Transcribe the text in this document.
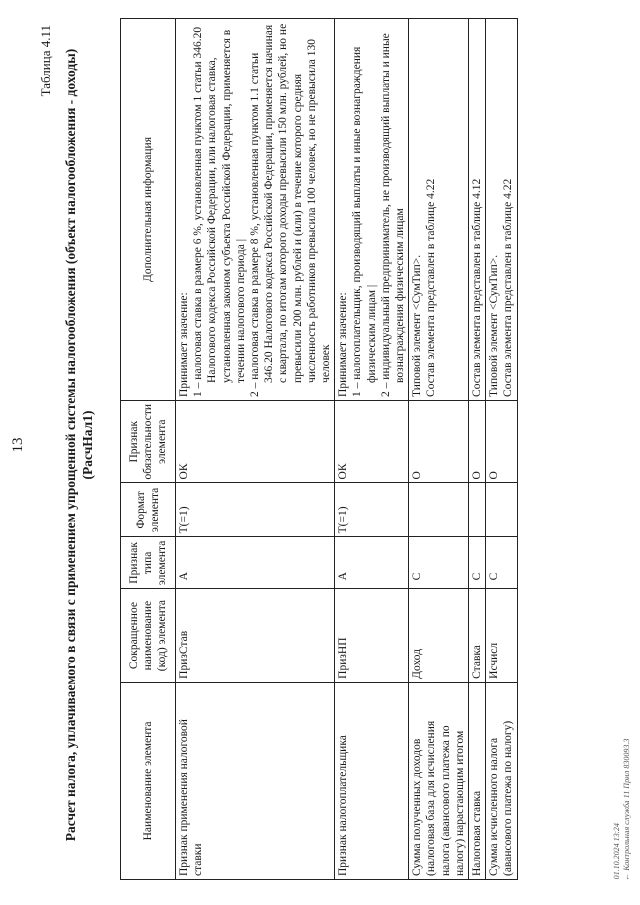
13
Таблица 4.11 Расчет налога, уплачиваемого в связи с применением упрощенной системы налогообложения (объект налогообложения - доходы) (РасчНал1)
Наименование элемента	Сокращенное наименование (код) элемента	Признак типа элемента	Формат элемента	Признак обязательности элемента	Дополнительная информация
Признак применения налоговой ставки	ПризСтав	А	T(=1)	ОК	Принимает значение: 1 – налоговая ставка в размере 6 %, установленная пунктом 1 статьи 346.20 Налогового кодекса Российской Федерации, или налоговая ставка, установленная законом субъекта Российской Федерации, применяется в течении налогового периода | 2 – налоговая ставка в размере 8 %, установленная пунктом 1.1 статьи 346.20 Налогового кодекса Российской Федерации, применяется начиная с квартала, по итогам которого доходы превысили 150 млн. рублей, но не превысили 200 млн. рублей и (или) в течение которого средняя численность работников превысила 100 человек, но не превысила 130 человек

Признак налогоплательщика	ПризНП	А	T(=1)	ОК	Принимает значение: 1 – налогоплательщик, производящий выплаты и иные вознаграждения физическим лицам | 2 – индивидуальный предприниматель, не производящий выплаты и иные вознаграждения физическим лицам

Сумма полученных доходов (налоговая база для исчисления налога (авансового платежа по налогу) нарастающим итогом	Доход	С		О	Типовой элемент <СумТип>. Состав элемента представлен в таблице 4.22

Налоговая ставка	Ставка	С		О	Состав элемента представлен в таблице 4.12

Сумма исчисленного налога (авансового платежа по налогу)	Исчисл	С		О	Типовой элемент <СумТип>. Состав элемента представлен в таблице 4.22
01.10.2024 13:24 ← Контрольная служба 11 Прил 830093.3
